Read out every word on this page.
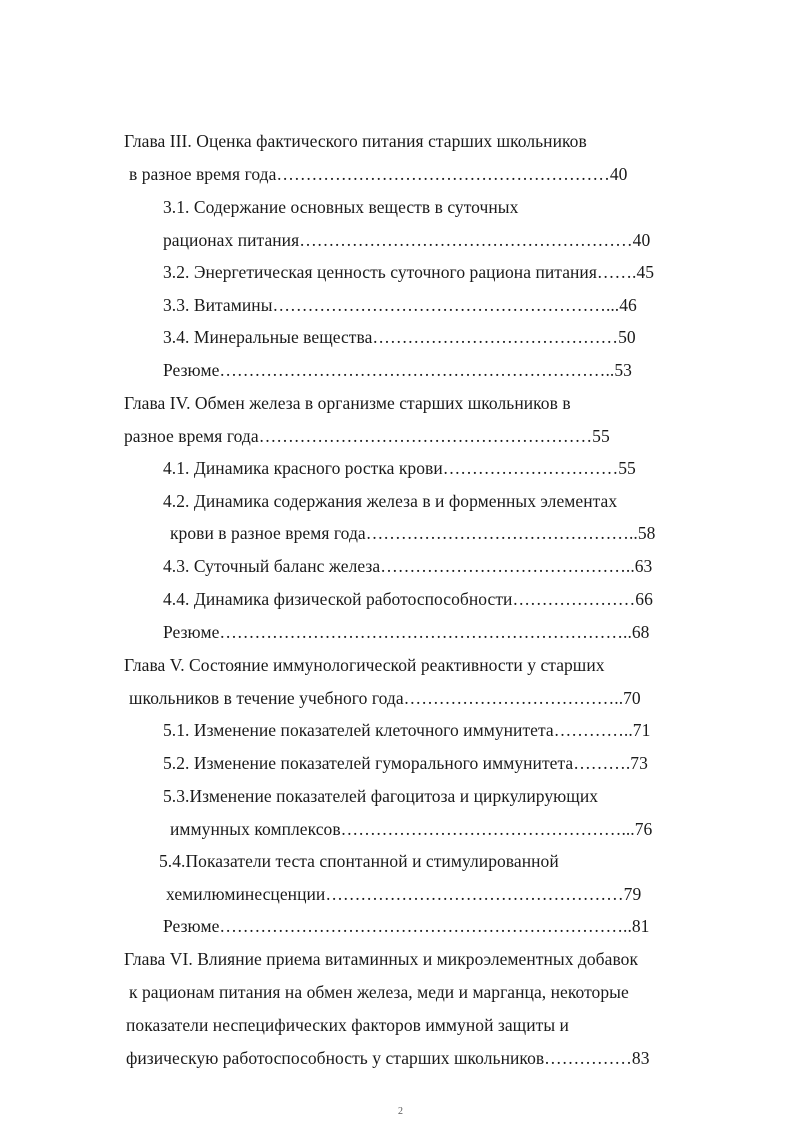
Глава III. Оценка фактического питания старших школьников
в разное время года…………………………………………………40
3.1. Содержание основных веществ в суточных
рационах питания…………………………………………………40
3.2. Энергетическая ценность суточного рациона питания…….45
3.3. Витамины…………………………………………………...46
3.4. Минеральные вещества……………………………………50
Резюме…………………………………………………………..53
Глава IV. Обмен железа в организме старших школьников в
разное время года…………………………………………………55
4.1. Динамика красного ростка крови…………………………55
4.2. Динамика содержания железа в и форменных элементах
крови в разное время года………………………………………..58
4.3. Суточный баланс железа……………………………………..63
4.4. Динамика физической работоспособности…………………66
Резюме……………………………………………………………..68
Глава V. Состояние иммунологической реактивности у старших
школьников в течение учебного года………………………………..70
5.1. Изменение показателей клеточного иммунитета…………..71
5.2. Изменение показателей гуморального иммунитета……….73
5.3.Изменение показателей фагоцитоза и циркулирующих
иммунных комплексов…………………………………………...76
5.4.Показатели теста спонтанной и стимулированной
хемилюминесценции……………………………………………79
Резюме……………………………………………………………..81
Глава VI. Влияние приема витаминных и микроэлементных добавок
к рационам питания на обмен железа, меди и марганца, некоторые
показатели неспецифических факторов иммуной защиты и
физическую работоспособность у старших школьников……………83
2
